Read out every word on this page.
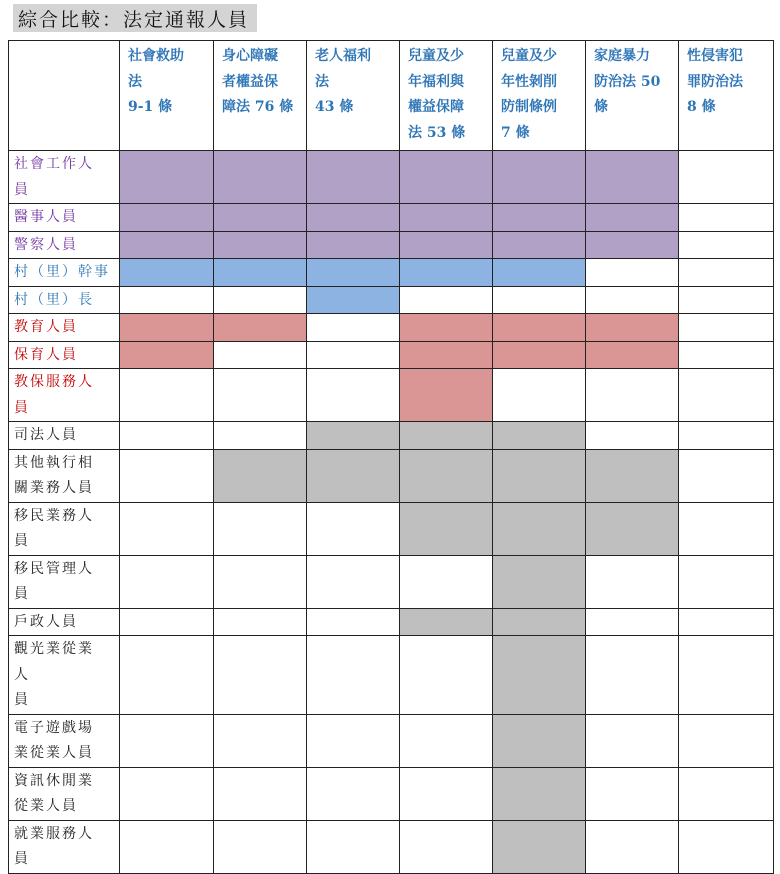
綜合比較：法定通報人員

	社會救助
法
9-1 條	身心障礙
者權益保
障法 76 條	老人福利
法
43 條	兒童及少
年福利與
權益保障
法 53 條	兒童及少
年性剝削
防制條例
7 條	家庭暴力
防治法 50
條	性侵害犯
罪防治法
8 條

社會工作人
員							

醫事人員							

警察人員							

村（里）幹事							

村（里）長							

教育人員							

保育人員							

教保服務人
員							

司法人員							

其他執行相
關業務人員							

移民業務人
員							

移民管理人
員							

戶政人員							

觀光業從業
人
員							

電子遊戲場
業從業人員							

資訊休閒業
從業人員							

就業服務人
員							
